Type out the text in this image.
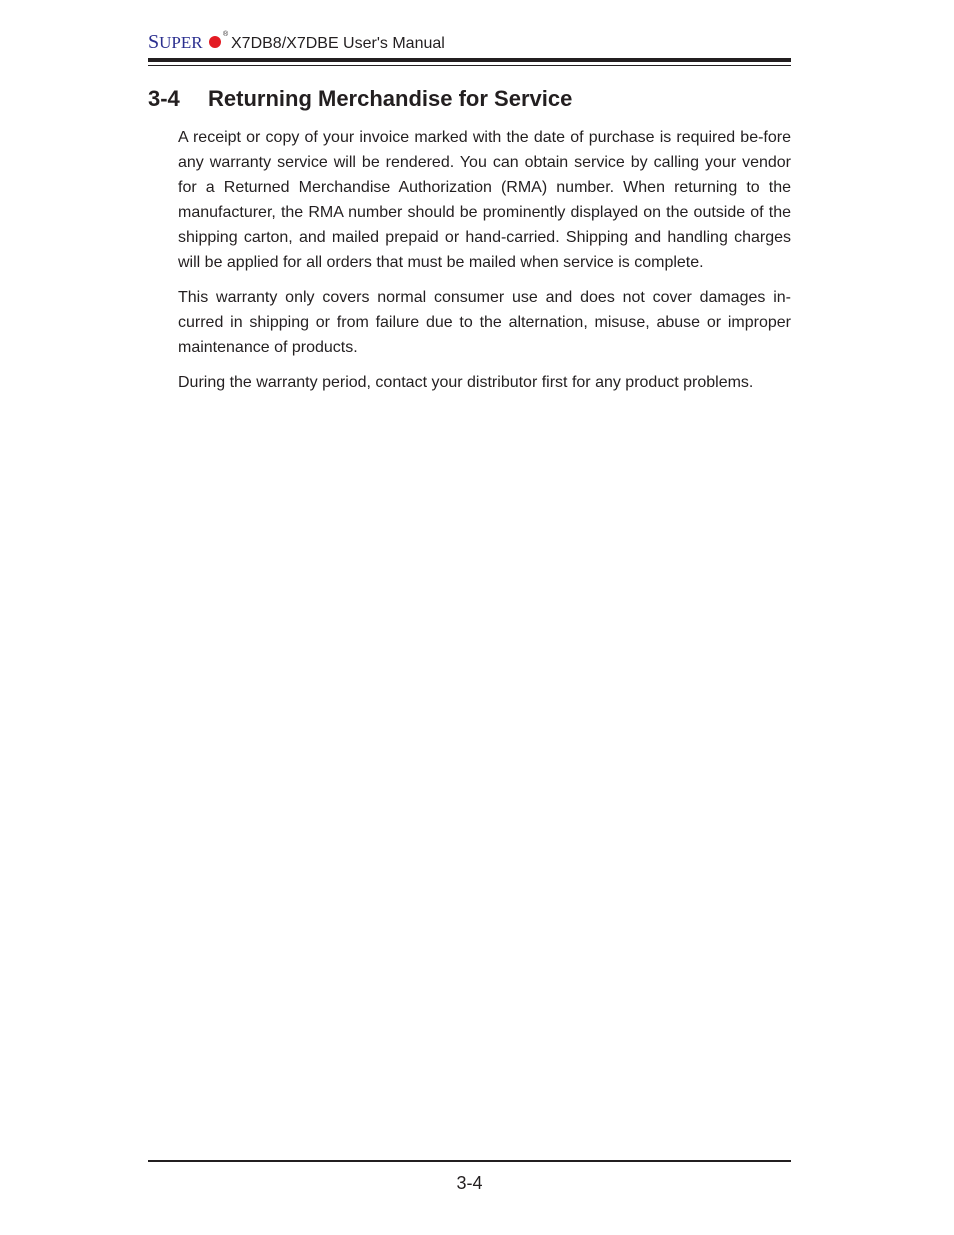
SUPER	®
X7DB8/X7DBE User's Manual
3-4 Returning Merchandise for Service

A receipt or copy of your invoice marked with the date of purchase is required be-fore any warranty service will be rendered. You can obtain service by calling your vendor for a Returned Merchandise Authorization (RMA) number. When returning to the manufacturer, the RMA number should be prominently displayed on the outside of the shipping carton, and mailed prepaid or hand-carried. Shipping and handling charges will be applied for all orders that must be mailed when service is complete.

This warranty only covers normal consumer use and does not cover damages in-curred in shipping or from failure due to the alternation, misuse, abuse or improper maintenance of products.

During the warranty period, contact your distributor first for any product problems.

3-4
